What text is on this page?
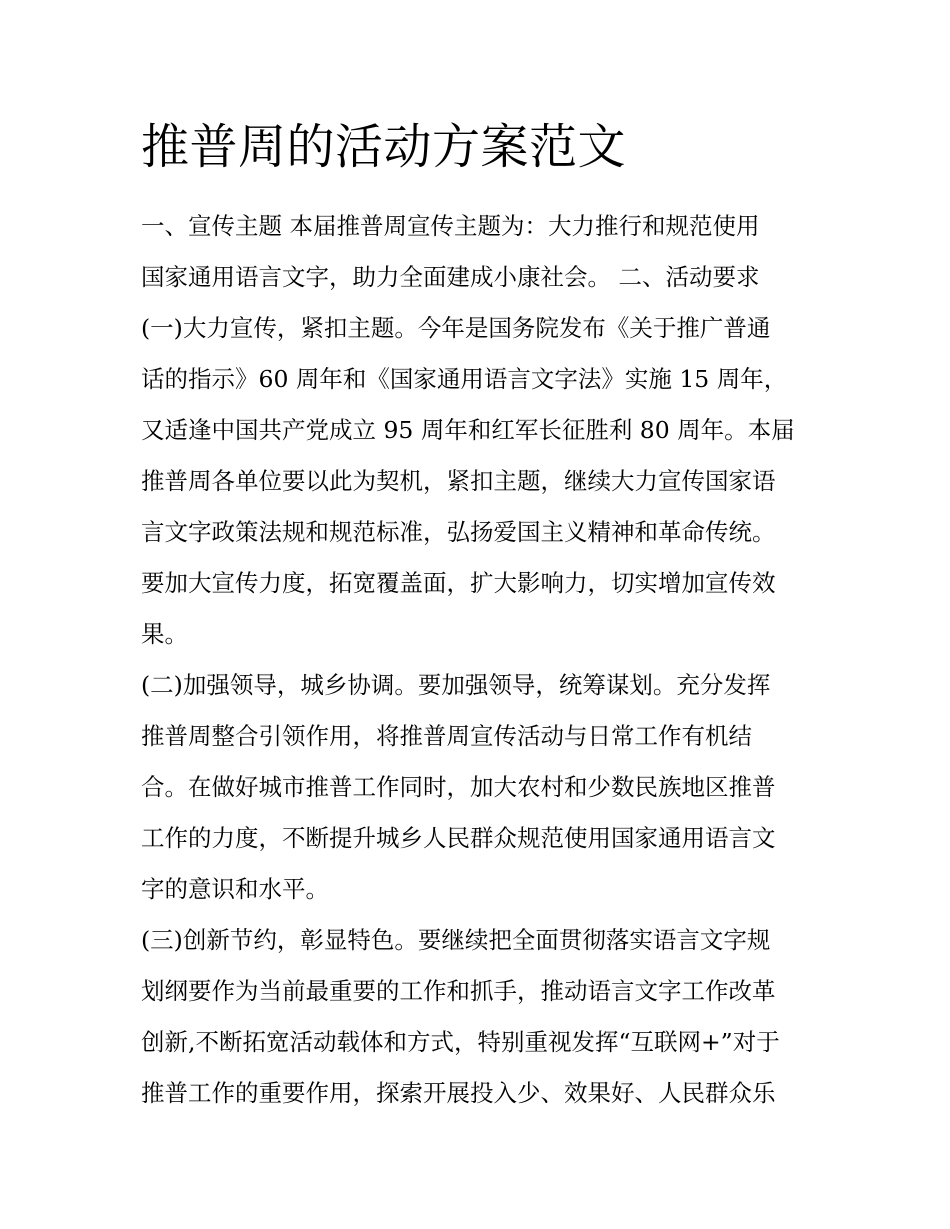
推普周的活动方案范文
一、宣传主题 本届推普周宣传主题为：大力推行和规范使用
国家通用语言文字，助力全面建成小康社会。 二、活动要求
(一)大力宣传，紧扣主题。今年是国务院发布《关于推广普通
话的指示》60 周年和《国家通用语言文字法》实施 15 周年，
又适逢中国共产党成立 95 周年和红军长征胜利 80 周年。本届
推普周各单位要以此为契机，紧扣主题，继续大力宣传国家语
言文字政策法规和规范标准，弘扬爱国主义精神和革命传统。
要加大宣传力度，拓宽覆盖面，扩大影响力，切实增加宣传效
果。
(二)加强领导，城乡协调。要加强领导，统筹谋划。充分发挥
推普周整合引领作用，将推普周宣传活动与日常工作有机结
合。在做好城市推普工作同时，加大农村和少数民族地区推普
工作的力度，不断提升城乡人民群众规范使用国家通用语言文
字的意识和水平。
(三)创新节约，彰显特色。要继续把全面贯彻落实语言文字规
划纲要作为当前最重要的工作和抓手，推动语言文字工作改革
创新,不断拓宽活动载体和方式，特别重视发挥“互联网+”对于
推普工作的重要作用，探索开展投入少、效果好、人民群众乐
